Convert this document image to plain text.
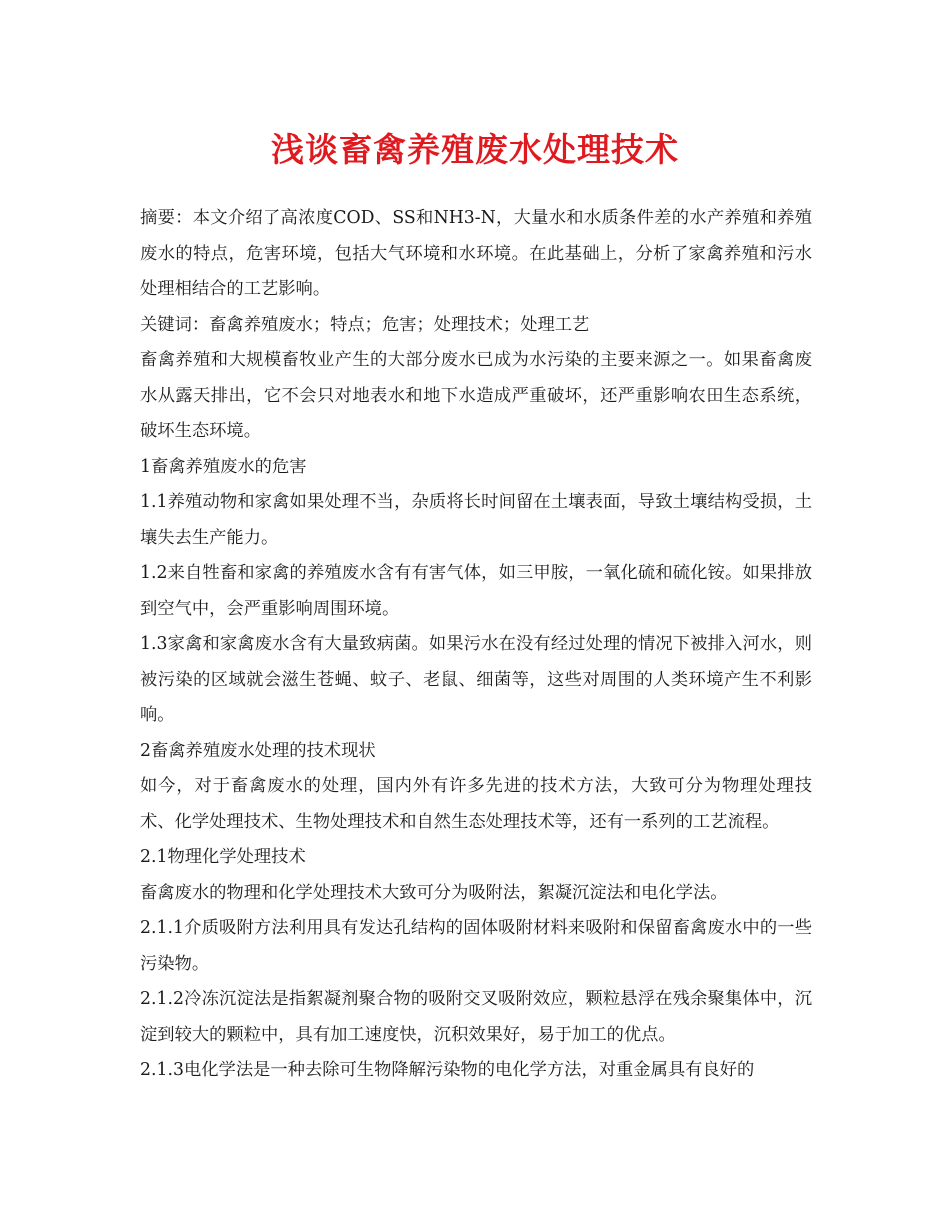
浅谈畜禽养殖废水处理技术

摘要：本文介绍了高浓度COD、SS和NH3-N，大量水和水质条件差的水产养殖和养殖废水的特点，危害环境，包括大气环境和水环境。在此基础上，分析了家禽养殖和污水处理相结合的工艺影响。

关键词：畜禽养殖废水；特点；危害；处理技术；处理工艺

畜禽养殖和大规模畜牧业产生的大部分废水已成为水污染的主要来源之一。如果畜禽废水从露天排出，它不会只对地表水和地下水造成严重破坏，还严重影响农田生态系统，破坏生态环境。

1畜禽养殖废水的危害

1.1养殖动物和家禽如果处理不当，杂质将长时间留在土壤表面，导致土壤结构受损，土壤失去生产能力。

1.2来自牲畜和家禽的养殖废水含有有害气体，如三甲胺，一氧化硫和硫化铵。如果排放到空气中，会严重影响周围环境。

1.3家禽和家禽废水含有大量致病菌。如果污水在没有经过处理的情况下被排入河水，则被污染的区域就会滋生苍蝇、蚊子、老鼠、细菌等，这些对周围的人类环境产生不利影响。

2畜禽养殖废水处理的技术现状

如今，对于畜禽废水的处理，国内外有许多先进的技术方法，大致可分为物理处理技术、化学处理技术、生物处理技术和自然生态处理技术等，还有一系列的工艺流程。

2.1物理化学处理技术

畜禽废水的物理和化学处理技术大致可分为吸附法，絮凝沉淀法和电化学法。

2.1.1介质吸附方法利用具有发达孔结构的固体吸附材料来吸附和保留畜禽废水中的一些污染物。

2.1.2冷冻沉淀法是指絮凝剂聚合物的吸附交叉吸附效应，颗粒悬浮在残余聚集体中，沉淀到较大的颗粒中，具有加工速度快，沉积效果好，易于加工的优点。

2.1.3电化学法是一种去除可生物降解污染物的电化学方法，对重金属具有良好的
